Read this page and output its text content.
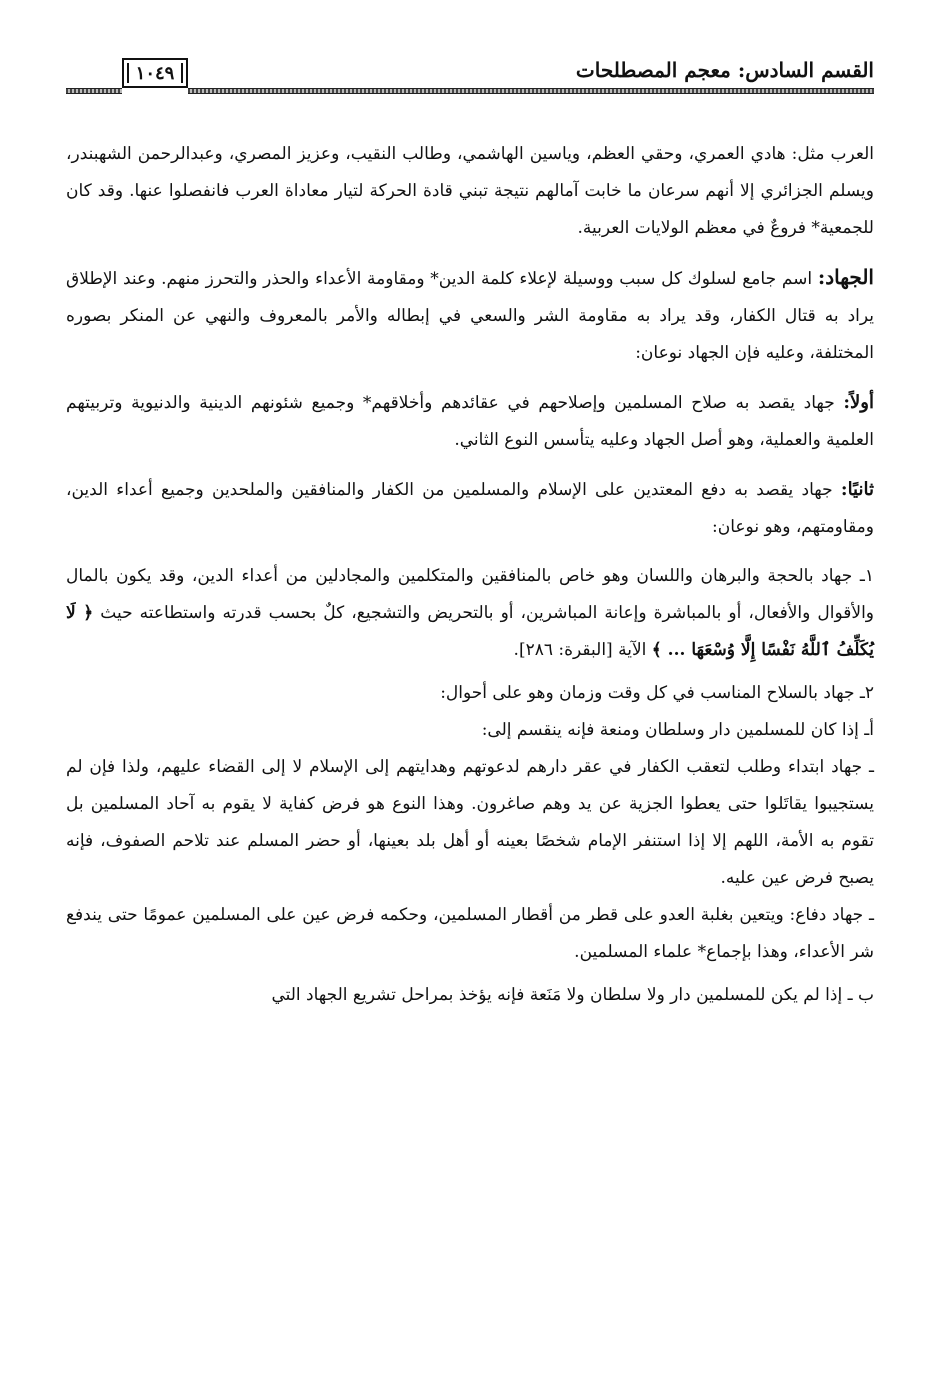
القسم السادس: معجم المصطلحات
١٠٤٩

العرب مثل: هادي العمري، وحقي العظم، وياسين الهاشمي، وطالب النقيب، وعزيز المصري، وعبدالرحمن الشهبندر، ويسلم الجزائري إلا أنهم سرعان ما خابت آمالهم نتيجة تبني قادة الحركة لتيار معاداة العرب فانفصلوا عنها. وقد كان للجمعية* فروعٌ في معظم الولايات العربية.

الجهاد: اسم جامع لسلوك كل سبب ووسيلة لإعلاء كلمة الدين* ومقاومة الأعداء والحذر والتحرز منهم. وعند الإطلاق يراد به قتال الكفار، وقد يراد به مقاومة الشر والسعي في إبطاله والأمر بالمعروف والنهي عن المنكر بصوره المختلفة، وعليه فإن الجهاد نوعان:

أولاً: جهاد يقصد به صلاح المسلمين وإصلاحهم في عقائدهم وأخلاقهم* وجميع شئونهم الدينية والدنيوية وتربيتهم العلمية والعملية، وهو أصل الجهاد وعليه يتأسس النوع الثاني.

ثانيًا: جهاد يقصد به دفع المعتدين على الإسلام والمسلمين من الكفار والمنافقين والملحدين وجميع أعداء الدين، ومقاومتهم، وهو نوعان:

١ـ جهاد بالحجة والبرهان واللسان وهو خاص بالمنافقين والمتكلمين والمجادلين من أعداء الدين، وقد يكون بالمال والأقوال والأفعال، أو بالمباشرة وإعانة المباشرين، أو بالتحريض والتشجيع، كلٌ بحسب قدرته واستطاعته حيث ﴿ لَا يُكَلِّفُ ٱللَّهُ نَفْسًا إِلَّا وُسْعَهَا ... ﴾ الآية [البقرة: ٢٨٦].

٢ـ جهاد بالسلاح المناسب في كل وقت وزمان وهو على أحوال:

أـ إذا كان للمسلمين دار وسلطان ومنعة فإنه ينقسم إلى:

ـ جهاد ابتداء وطلب لتعقب الكفار في عقر دارهم لدعوتهم وهدايتهم إلى الإسلام لا إلى القضاء عليهم، ولذا فإن لم يستجيبوا يقاتَلوا حتى يعطوا الجزية عن يد وهم صاغرون. وهذا النوع هو فرض كفاية لا يقوم به آحاد المسلمين بل تقوم به الأمة، اللهم إلا إذا استنفر الإمام شخصًا بعينه أو أهل بلد بعينها، أو حضر المسلم عند تلاحم الصفوف، فإنه يصبح فرض عين عليه.

ـ جهاد دفاع: ويتعين بغلبة العدو على قطر من أقطار المسلمين، وحكمه فرض عين على المسلمين عمومًا حتى يندفع شر الأعداء، وهذا بإجماع* علماء المسلمين.

ب ـ إذا لم يكن للمسلمين دار ولا سلطان ولا مَنَعة فإنه يؤخذ بمراحل تشريع الجهاد التي
